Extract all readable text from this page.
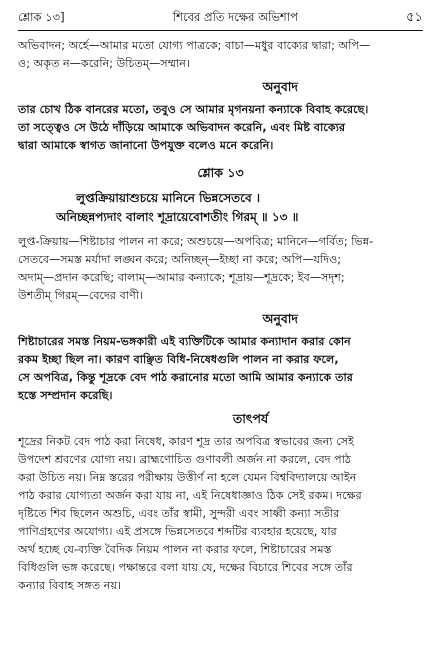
শ্লোক ১৩]	শিবের প্রতি দক্ষের অভিশাপ	৫১

অভিবাদন; অর্হে—আমার মতো যোগ্য পাত্রকে; বাচা—মধুর বাক্যের দ্বারা; অপি—

ও; অকৃত ন—করেনি; উচিতম্—সম্মান।

অনুবাদ

তার চোখ ঠিক বানরের মতো, তবুও সে আমার মৃগনয়না কন্যাকে বিবাহ করেছে।

তা সত্ত্বেও সে উঠে দাঁড়িয়ে আমাকে অভিবাদন করেনি, এবং মিষ্ট বাক্যের

দ্বারা আমাকে স্বাগত জানানো উপযুক্ত বলেও মনে করেনি।

শ্লোক ১৩
লুপ্তক্রিয়ায়াশুচয়ে মানিনে ভিন্নসেতবে ।
অনিচ্ছন্নপ্যদাং বালাং শূদ্রায়েবোশতীং গিরম্ ॥ ১৩ ॥

লুপ্ত-ক্রিয়ায়—শিষ্টাচার পালন না করে; অশুচয়ে—অপবিত্র; মানিনে—গর্বিত; ভিন্ন-

সেতবে—সমস্ত মর্যাদা লঙ্ঘন করে; অনিচ্ছন্—ইচ্ছা না করে; অপি—যদিও;

অদাম্—প্রদান করেছি; বালাম্—আমার কন্যাকে; শূদ্রায়—শূদ্রকে; ইব—সদৃশ;

উশতীম্ গিরম্—বেদের বাণী।

অনুবাদ

শিষ্টাচারের সমস্ত নিয়ম-ভঙ্গকারী এই ব্যক্তিটিকে আমার কন্যাদান করার কোন

রকম ইচ্ছা ছিল না। কারণ বাঞ্ছিত বিধি-নিষেধগুলি পালন না করার ফলে,

সে অপবিত্র, কিন্তু শূদ্রকে বেদ পাঠ করানোর মতো আমি আমার কন্যাকে তার

হস্তে সম্প্রদান করেছি।

তাৎপর্য

শূদ্রের নিকট বেদ পাঠ করা নিষেধ, কারণ শূদ্র তার অপবিত্র স্বভাবের জন্য সেই

উপদেশ শ্রবণের যোগ্য নয়। ব্রাহ্মণোচিত গুণাবলী অর্জন না করলে, বেদ পাঠ

করা উচিত নয়। নিম্ন স্তরের পরীক্ষায় উত্তীর্ণ না হলে যেমন বিশ্ববিদ্যালয়ে আইন

পাঠ করার যোগ্যতা অর্জন করা যায় না, এই নিষেধাজ্ঞাও ঠিক সেই রকম। দক্ষের

দৃষ্টিতে শিব ছিলেন অশুচি, এবং তাঁর স্বামী, সুন্দরী এবং সাধ্বী কন্যা সতীর

পাণিগ্রহণের অযোগ্য। এই প্রসঙ্গে ভিন্নসেতবে শব্দটির ব্যবহার হয়েছে, যার

অর্থ হচ্ছে যে-ব্যক্তি বৈদিক নিয়ম পালন না করার ফলে, শিষ্টাচারের সমস্ত

বিধিগুলি ভঙ্গ করেছে। পক্ষান্তরে বলা যায় যে, দক্ষের বিচারে শিবের সঙ্গে তাঁর

কন্যার বিবাহ সঙ্গত নয়।
